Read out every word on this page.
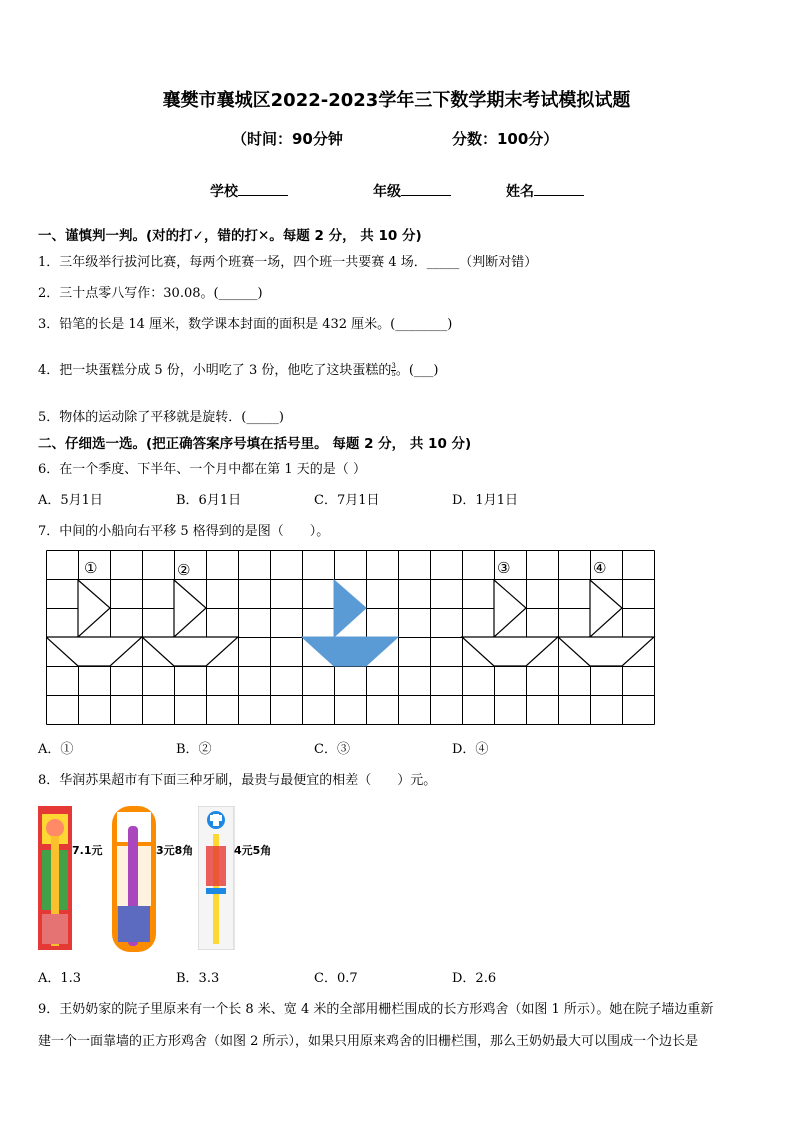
襄樊市襄城区2022-2023学年三下数学期末考试模拟试题
（时间：90分钟	分数：100分）
学校	年级	姓名
一、谨慎判一判。(对的打✓，错的打✕。每题 2 分， 共 10 分)
1．三年级举行拔河比赛，每两个班赛一场，四个班一共要赛 4 场．_____（判断对错）
2．三十点零八写作：30.08。(______)
3．铅笔的长是 14 厘米，数学课本封面的面积是 432 厘米。(________)
4．把一块蛋糕分成 5 份，小明吃了 3 份，他吃了这块蛋糕的 $\frac{3}{5}$ 。(___)
5．物体的运动除了平移就是旋转．(_____)
二、仔细选一选。(把正确答案序号填在括号里。 每题 2 分， 共 10 分)
6．在一个季度、下半年、一个月中都在第 1 天的是（ ）
A．5月1日	B．6月1日	C．7月1日	D．1月1日
7．中间的小船向右平移 5 格得到的是图（　　）。
①	②	③	④
A．①	B．②	C．③	D．④
8．华润苏果超市有下面三种牙刷，最贵与最便宜的相差（　　）元。
7.1元	3元8角	4元5角
A．1.3	B．3.3	C．0.7	D．2.6
9．王奶奶家的院子里原来有一个长 8 米、宽 4 米的全部用栅栏围成的长方形鸡舍（如图 1 所示）。她在院子墙边重新
建一个一面靠墙的正方形鸡舍（如图 2 所示），如果只用原来鸡舍的旧栅栏围，那么王奶奶最大可以围成一个边长是
